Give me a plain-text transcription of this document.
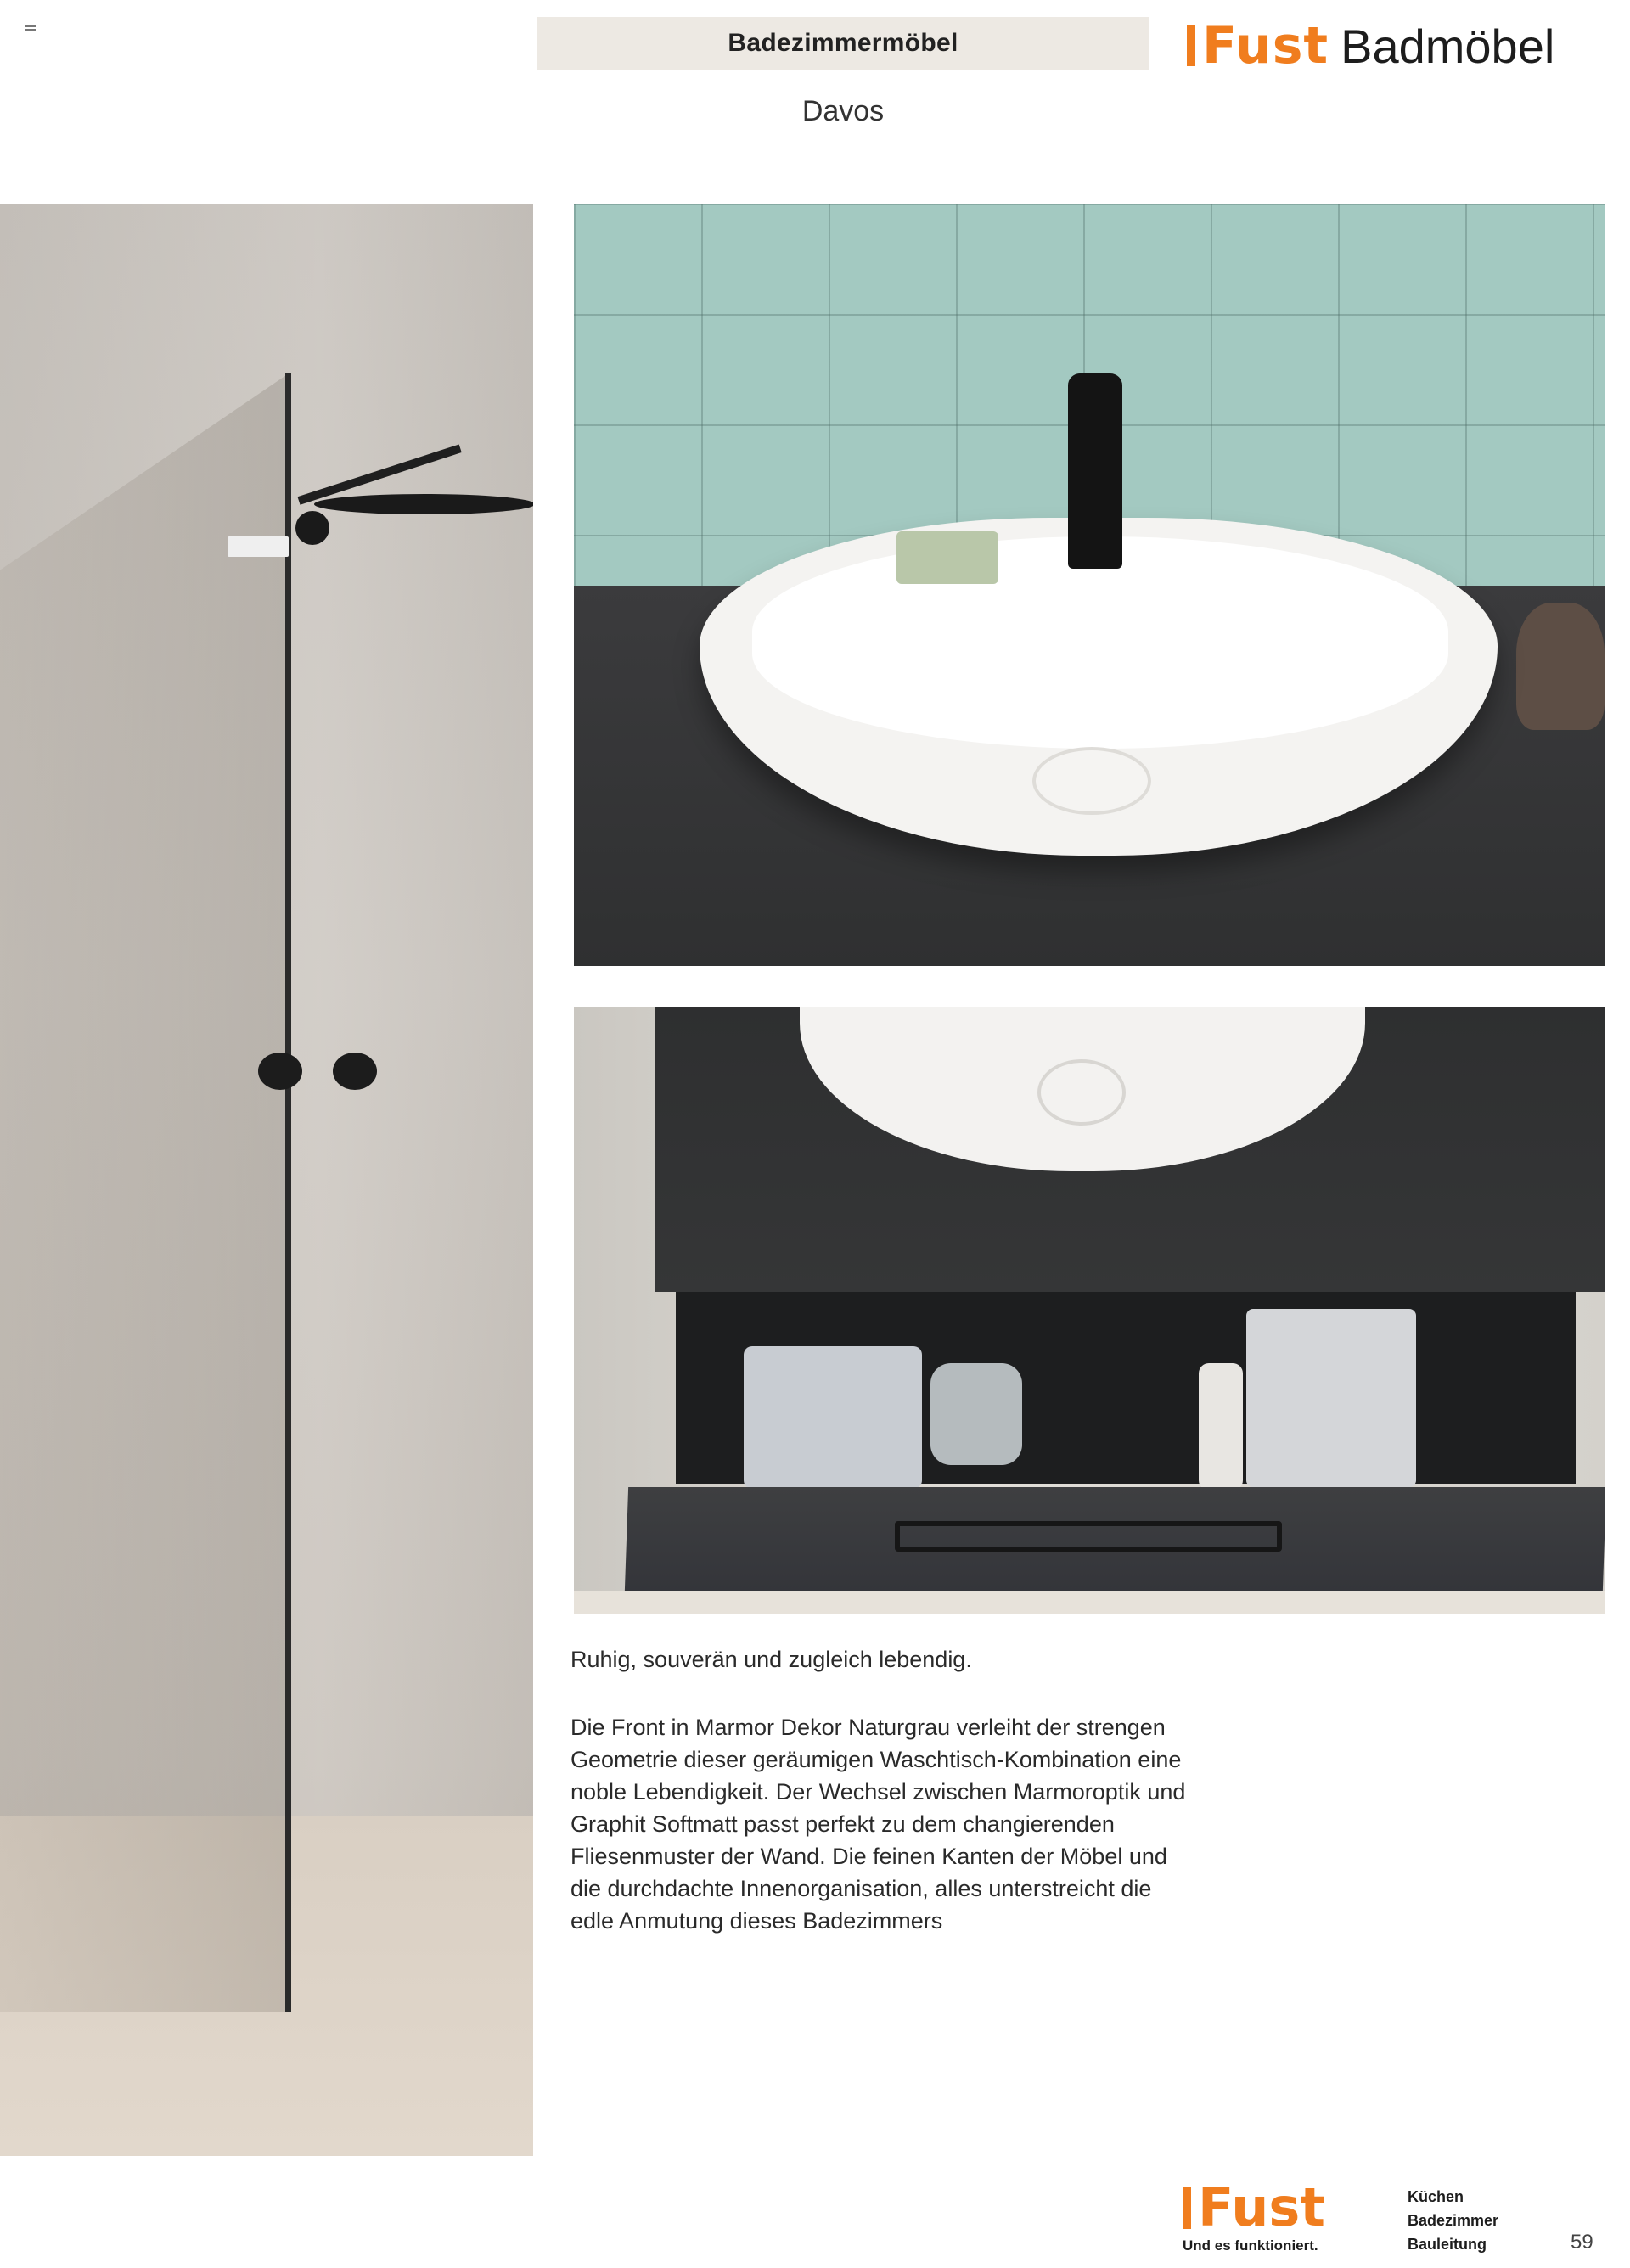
Badezimmermöbel	Fust Badmöbel
Davos
Ruhig, souverän und zugleich lebendig.

Die Front in Marmor Dekor Naturgrau verleiht der strengen Geometrie dieser geräumigen Waschtisch-Kombination eine noble Lebendigkeit. Der Wechsel zwischen Marmoroptik und Graphit Softmatt passt perfekt zu dem changierenden Fliesenmuster der Wand. Die feinen Kanten der Möbel und die durchdachte Innenorganisation, alles unterstreicht die edle Anmutung dieses Badezimmers

Fust
Und es funktioniert.
Küchen
Badezimmer
Bauleitung	59
